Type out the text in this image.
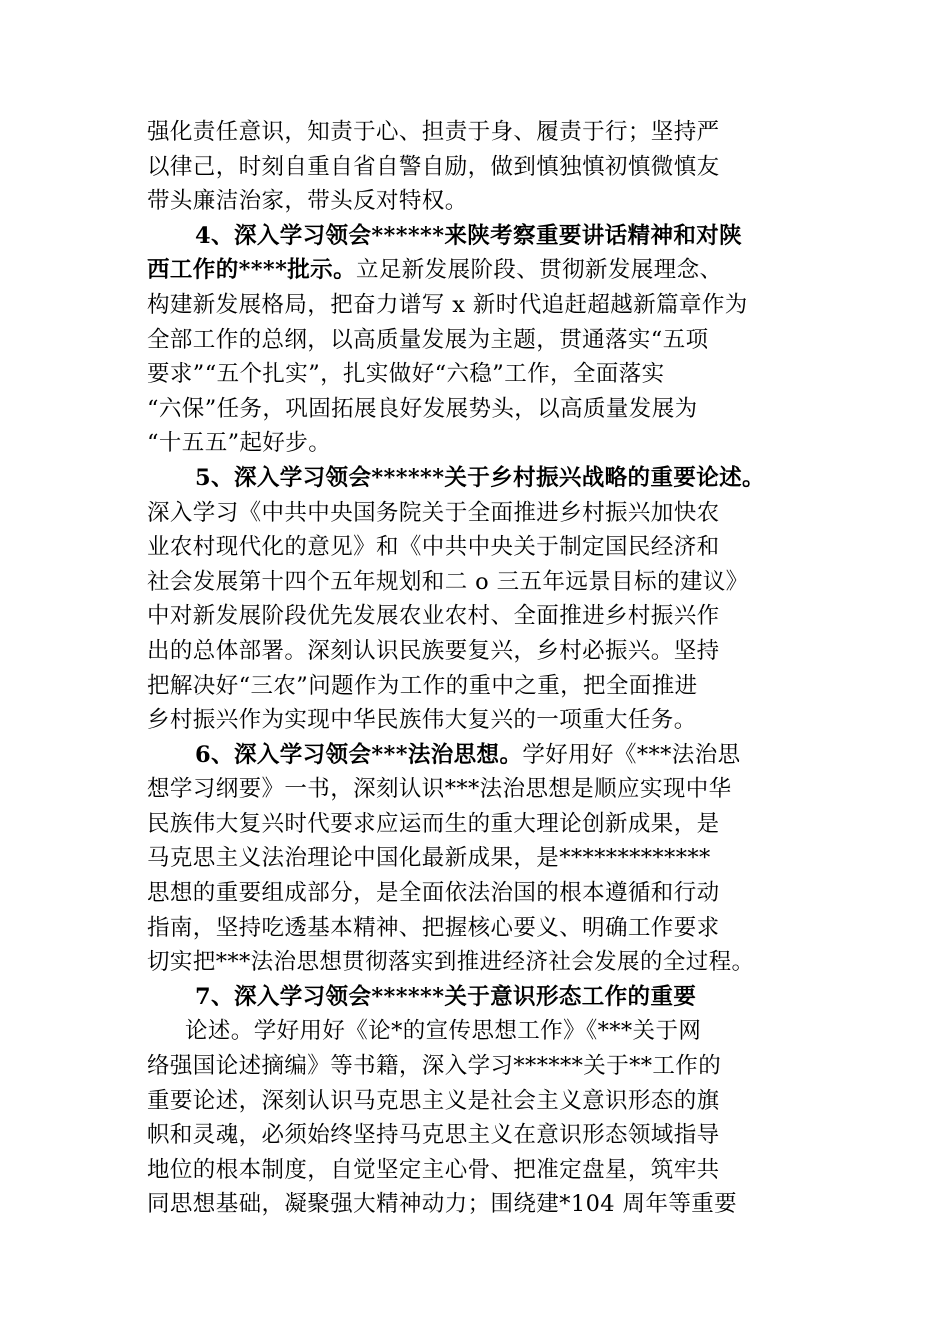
强化责任意识，知责于心、担责于身、履责于行；坚持严
以律己，时刻自重自省自警自励，做到慎独慎初慎微慎友
带头廉洁治家，带头反对特权。
4、深入学习领会******来陕考察重要讲话精神和对陕
西工作的****批示。立足新发展阶段、贯彻新发展理念、
构建新发展格局，把奋力谱写 x 新时代追赶超越新篇章作为
全部工作的总纲，以高质量发展为主题，贯通落实“五项
要求”“五个扎实”，扎实做好“六稳”工作，全面落实
“六保”任务，巩固拓展良好发展势头，以高质量发展为
“十五五”起好步。
5、深入学习领会******关于乡村振兴战略的重要论述。
深入学习《中共中央国务院关于全面推进乡村振兴加快农
业农村现代化的意见》和《中共中央关于制定国民经济和
社会发展第十四个五年规划和二 o 三五年远景目标的建议》
中对新发展阶段优先发展农业农村、全面推进乡村振兴作
出的总体部署。深刻认识民族要复兴，乡村必振兴。坚持
把解决好“三农”问题作为工作的重中之重，把全面推进
乡村振兴作为实现中华民族伟大复兴的一项重大任务。
6、深入学习领会***法治思想。学好用好《***法治思
想学习纲要》一书，深刻认识***法治思想是顺应实现中华
民族伟大复兴时代要求应运而生的重大理论创新成果，是
马克思主义法治理论中国化最新成果，是*************
思想的重要组成部分，是全面依法治国的根本遵循和行动
指南，坚持吃透基本精神、把握核心要义、明确工作要求
切实把***法治思想贯彻落实到推进经济社会发展的全过程。
7、深入学习领会******关于意识形态工作的重要
论述。学好用好《论*的宣传思想工作》《***关于网
络强国论述摘编》等书籍，深入学习******关于**工作的
重要论述，深刻认识马克思主义是社会主义意识形态的旗
帜和灵魂，必须始终坚持马克思主义在意识形态领域指导
地位的根本制度，自觉坚定主心骨、把准定盘星，筑牢共
同思想基础，凝聚强大精神动力；围绕建*104 周年等重要
